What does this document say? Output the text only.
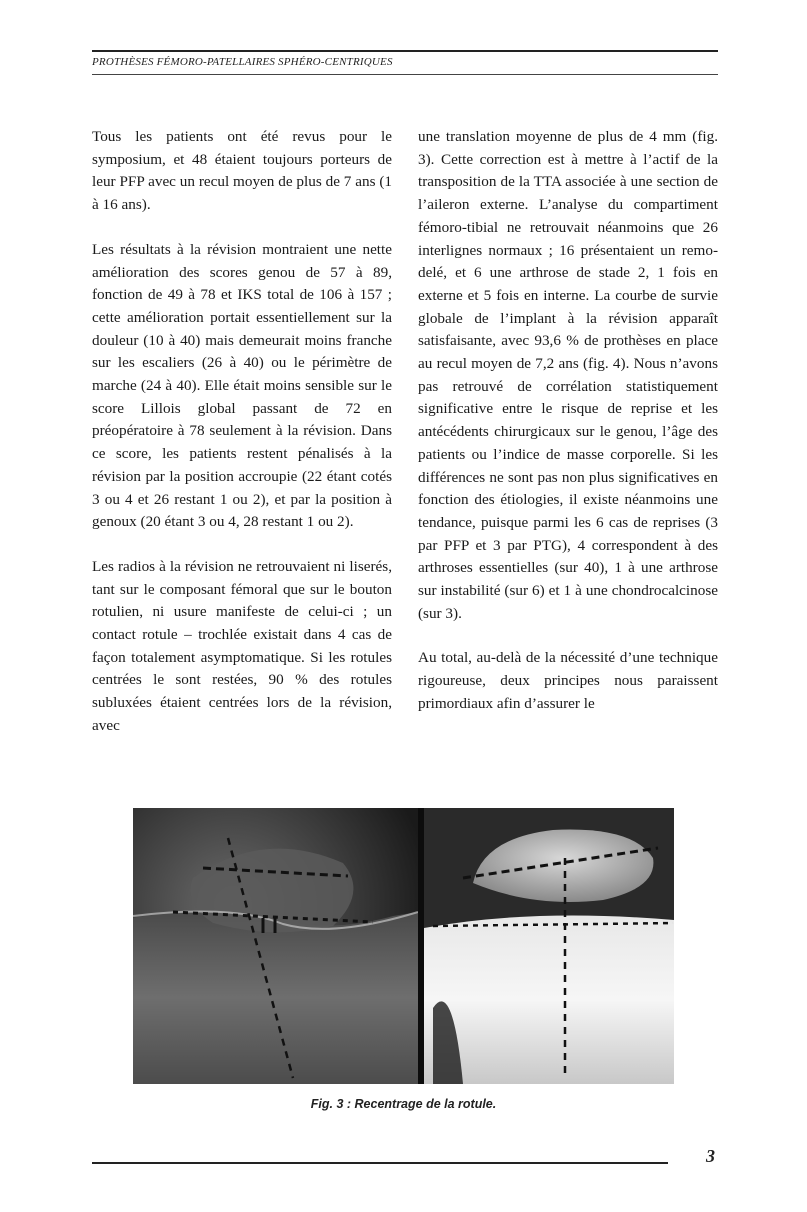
PROTHÈSES FÉMORO-PATELLAIRES SPHÉRO-CENTRIQUES

Tous les patients ont été revus pour le symposium, et 48 étaient toujours porteurs de leur PFP avec un recul moyen de plus de 7 ans (1 à 16 ans).

Les résultats à la révision montraient une nette amélioration des scores genou de 57 à 89, fonction de 49 à 78 et IKS total de 106 à 157 ; cette amélioration portait essentiellement sur la douleur (10 à 40) mais demeurait moins franche sur les escaliers (26 à 40) ou le périmètre de marche (24 à 40). Elle était moins sensible sur le score Lillois global passant de 72 en préopératoire à 78 seulement à la révision. Dans ce score, les patients restent pénalisés à la révision par la position accroupie (22 étant cotés 3 ou 4 et 26 restant 1 ou 2), et par la position à genoux (20 étant 3 ou 4, 28 restant 1 ou 2).

Les radios à la révision ne retrouvaient ni liserés, tant sur le composant fémoral que sur le bouton rotulien, ni usure manifeste de celui-ci ; un contact rotule – trochlée existait dans 4 cas de façon totalement asymptomatique. Si les rotules centrées le sont restées, 90 % des rotules subluxées étaient centrées lors de la révision, avec

une translation moyenne de plus de 4 mm (fig. 3). Cette correction est à mettre à l’actif de la transposition de la TTA associée à une section de l’aileron externe. L’analyse du compartiment fémoro-tibial ne retrouvait néanmoins que 26 interlignes normaux ; 16 présentaient un remodelé, et 6 une arthrose de stade 2, 1 fois en externe et 5 fois en interne. La courbe de survie globale de l’implant à la révision apparaît satisfaisante, avec 93,6 % de prothèses en place au recul moyen de 7,2 ans (fig. 4). Nous n’avons pas retrouvé de corrélation statistiquement significative entre le risque de reprise et les antécédents chirurgicaux sur le genou, l’âge des patients ou l’indice de masse corporelle. Si les différences ne sont pas non plus significatives en fonction des étiologies, il existe néanmoins une tendance, puisque parmi les 6 cas de reprises (3 par PFP et 3 par PTG), 4 correspondent à des arthroses essentielles (sur 40), 1 à une arthrose sur instabilité (sur 6) et 1 à une chondrocalcinose (sur 3).

Au total, au-delà de la nécessité d’une technique rigoureuse, deux principes nous paraissent primordiaux afin d’assurer le

Fig. 3 : Recentrage de la rotule.
3
